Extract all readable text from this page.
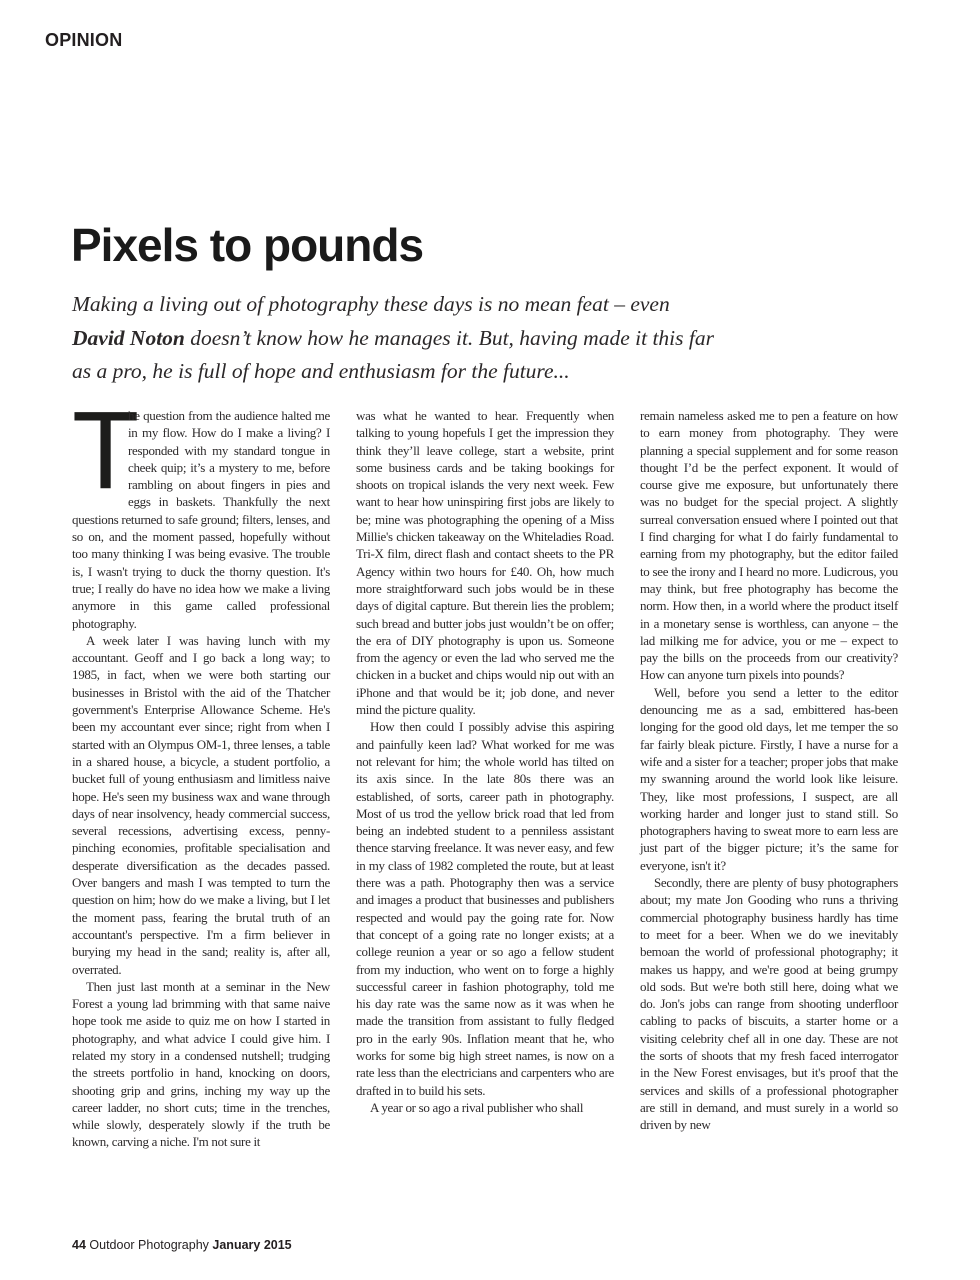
OPINION
Pixels to pounds

Making a living out of photography these days is no mean feat – even David Noton doesn’t know how he manages it. But, having made it this far as a pro, he is full of hope and enthusiasm for the future...

T
he question from the audience halted me in my flow. How do I make a living? I responded with my standard tongue in cheek quip; it’s a mystery to me, before rambling on about fingers in pies and eggs in baskets. Thankfully the next questions returned to safe ground; filters, lenses, and so on, and the moment passed, hopefully without too many thinking I was being evasive. The trouble is, I wasn't trying to duck the thorny question. It's true; I really do have no idea how we make a living anymore in this game called professional photography.

A week later I was having lunch with my accountant. Geoff and I go back a long way; to 1985, in fact, when we were both starting our businesses in Bristol with the aid of the Thatcher government's Enterprise Allowance Scheme. He's been my accountant ever since; right from when I started with an Olympus OM-1, three lenses, a table in a shared house, a bicycle, a student portfolio, a bucket full of young enthusiasm and limitless naive hope. He's seen my business wax and wane through days of near insolvency, heady commercial success, several recessions, advertising excess, penny-pinching economies, profitable specialisation and desperate diversification as the decades passed. Over bangers and mash I was tempted to turn the question on him; how do we make a living, but I let the moment pass, fearing the brutal truth of an accountant's perspective. I'm a firm believer in burying my head in the sand; reality is, after all, overrated.

Then just last month at a seminar in the New Forest a young lad brimming with that same naive hope took me aside to quiz me on how I started in photography, and what advice I could give him. I related my story in a condensed nutshell; trudging the streets portfolio in hand, knocking on doors, shooting grip and grins, inching my way up the career ladder, no short cuts; time in the trenches, while slowly, desperately slowly if the truth be known, carving a niche. I'm not sure it

was what he wanted to hear. Frequently when talking to young hopefuls I get the impression they think they’ll leave college, start a website, print some business cards and be taking bookings for shoots on tropical islands the very next week. Few want to hear how uninspiring first jobs are likely to be; mine was photographing the opening of a Miss Millie's chicken takeaway on the Whiteladies Road. Tri-X film, direct flash and contact sheets to the PR Agency within two hours for £40. Oh, how much more straightforward such jobs would be in these days of digital capture. But therein lies the problem; such bread and butter jobs just wouldn’t be on offer; the era of DIY photography is upon us. Someone from the agency or even the lad who served me the chicken in a bucket and chips would nip out with an iPhone and that would be it; job done, and never mind the picture quality.

How then could I possibly advise this aspiring and painfully keen lad? What worked for me was not relevant for him; the whole world has tilted on its axis since. In the late 80s there was an established, of sorts, career path in photography. Most of us trod the yellow brick road that led from being an indebted student to a penniless assistant thence starving freelance. It was never easy, and few in my class of 1982 completed the route, but at least there was a path. Photography then was a service and images a product that businesses and publishers respected and would pay the going rate for. Now that concept of a going rate no longer exists; at a college reunion a year or so ago a fellow student from my induction, who went on to forge a highly successful career in fashion photography, told me his day rate was the same now as it was when he made the transition from assistant to fully fledged pro in the early 90s. Inflation meant that he, who works for some big high street names, is now on a rate less than the electricians and carpenters who are drafted in to build his sets.

A year or so ago a rival publisher who shall

remain nameless asked me to pen a feature on how to earn money from photography. They were planning a special supplement and for some reason thought I’d be the perfect exponent. It would of course give me exposure, but unfortunately there was no budget for the special project. A slightly surreal conversation ensued where I pointed out that I find charging for what I do fairly fundamental to earning from my photography, but the editor failed to see the irony and I heard no more. Ludicrous, you may think, but free photography has become the norm. How then, in a world where the product itself in a monetary sense is worthless, can anyone – the lad milking me for advice, you or me – expect to pay the bills on the proceeds from our creativity? How can anyone turn pixels into pounds?

Well, before you send a letter to the editor denouncing me as a sad, embittered has-been longing for the good old days, let me temper the so far fairly bleak picture. Firstly, I have a nurse for a wife and a sister for a teacher; proper jobs that make my swanning around the world look like leisure. They, like most professions, I suspect, are all working harder and longer just to stand still. So photographers having to sweat more to earn less are just part of the bigger picture; it’s the same for everyone, isn't it?

Secondly, there are plenty of busy photographers about; my mate Jon Gooding who runs a thriving commercial photography business hardly has time to meet for a beer. When we do we inevitably bemoan the world of professional photography; it makes us happy, and we're good at being grumpy old sods. But we're both still here, doing what we do. Jon's jobs can range from shooting underfloor cabling to packs of biscuits, a starter home or a visiting celebrity chef all in one day. These are not the sorts of shoots that my fresh faced interrogator in the New Forest envisages, but it's proof that the services and skills of a professional photographer are still in demand, and must surely in a world so driven by new

44 Outdoor Photography January 2015
